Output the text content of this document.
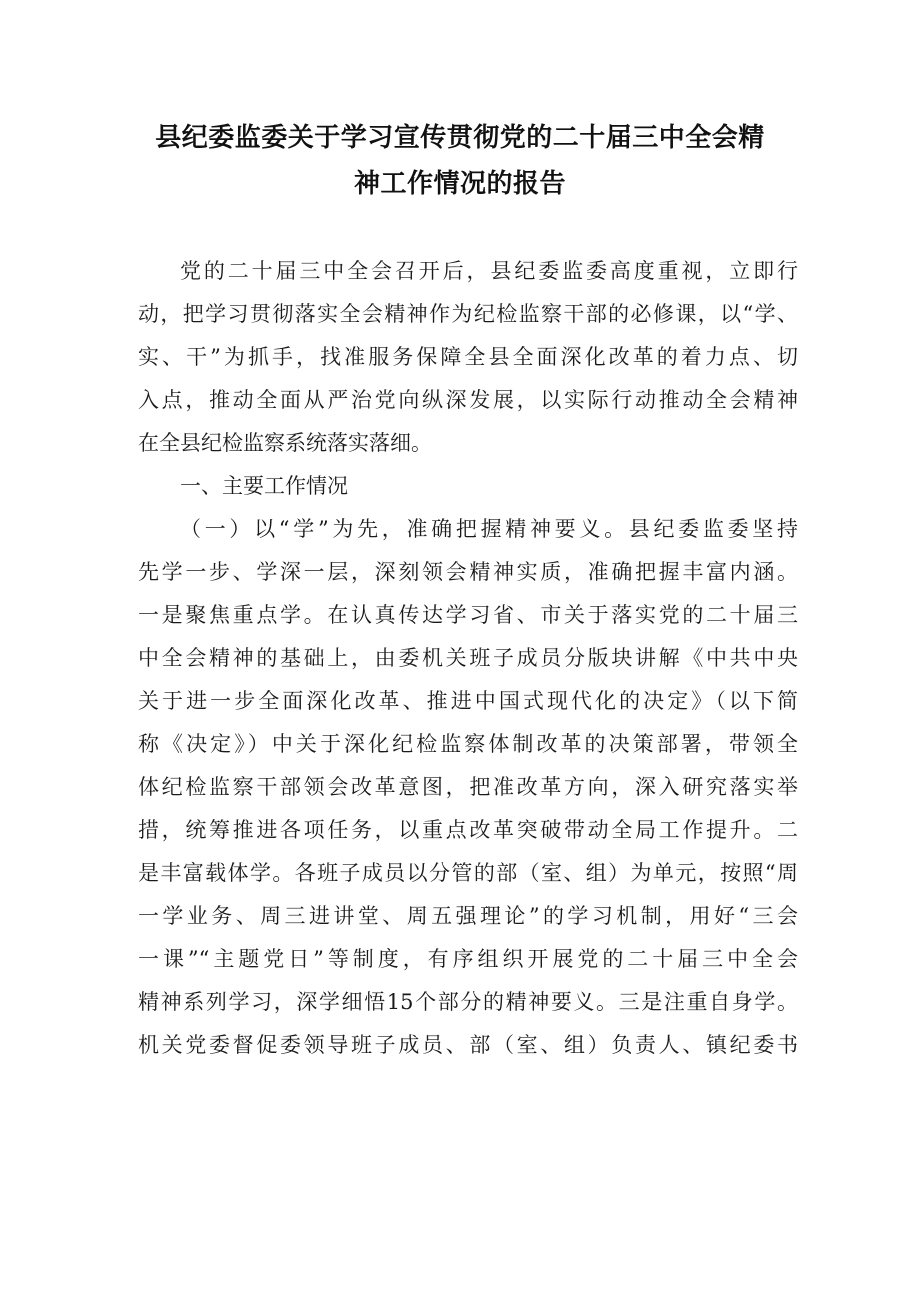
县纪委监委关于学习宣传贯彻党的二十届三中全会精
神工作情况的报告
党的二十届三中全会召开后，县纪委监委高度重视，立即行
动，把学习贯彻落实全会精神作为纪检监察干部的必修课，以“学、
实、干”为抓手，找准服务保障全县全面深化改革的着力点、切
入点，推动全面从严治党向纵深发展，以实际行动推动全会精神
在全县纪检监察系统落实落细。
一、主要工作情况
（一）以“学”为先，准确把握精神要义。县纪委监委坚持
先学一步、学深一层，深刻领会精神实质，准确把握丰富内涵。
一是聚焦重点学。在认真传达学习省、市关于落实党的二十届三
中全会精神的基础上，由委机关班子成员分版块讲解《中共中央
关于进一步全面深化改革、推进中国式现代化的决定》（以下简
称《决定》）中关于深化纪检监察体制改革的决策部署，带领全
体纪检监察干部领会改革意图，把准改革方向，深入研究落实举
措，统筹推进各项任务，以重点改革突破带动全局工作提升。二
是丰富载体学。各班子成员以分管的部（室、组）为单元，按照“周
一学业务、周三进讲堂、周五强理论”的学习机制，用好“三会
一课”“主题党日”等制度，有序组织开展党的二十届三中全会
精神系列学习，深学细悟15个部分的精神要义。三是注重自身学。
机关党委督促委领导班子成员、部（室、组）负责人、镇纪委书
